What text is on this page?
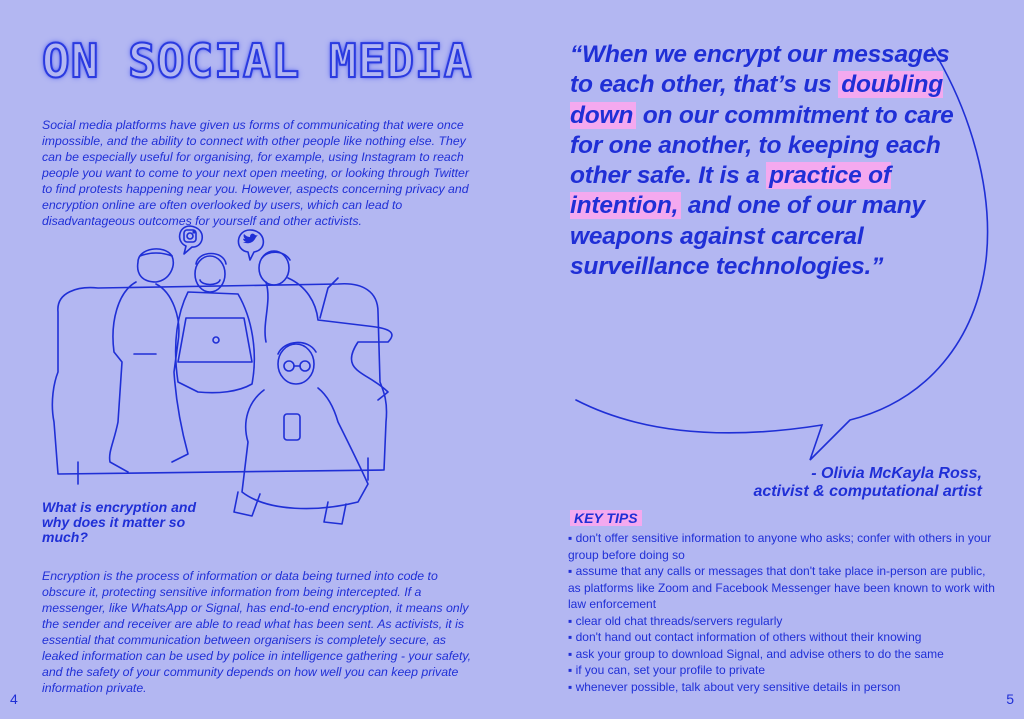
ON SOCIAL MEDIA

Social media platforms have given us forms of communicating that were once impossible, and the ability to connect with other people like nothing else. They can be especially useful for organising, for example, using Instagram to reach people you want to come to your next open meeting, or looking through Twitter to find protests happening near you. However, aspects concerning privacy and encryption online are often overlooked by users, which can lead to disadvantageous outcomes for yourself and other activists.

What is encryption and why does it matter so much?

Encryption is the process of information or data being turned into code to obscure it, protecting sensitive information from being intercepted. If a messenger, like WhatsApp or Signal, has end-to-end encryption, it means only the sender and receiver are able to read what has been sent. As activists, it is essential that communication between organisers is completely secure, as leaked information can be used by police in intelligence gathering - your safety, and the safety of your community depends on how well you can keep private information private.

4
“When we encrypt our messages to each other, that’s us doubling down on our commitment to care for one another, to keeping each other safe. It is a practice of intention, and one of our many weapons against carceral surveillance technologies.”
- Olivia McKayla Ross,
activist & computational artist
KEY TIPS
▪ don't offer sensitive information to anyone who asks; confer with others in your group before doing so
▪ assume that any calls or messages that don't take place in-person are public, as platforms like Zoom and Facebook Messenger have been known to work with law enforcement
▪ clear old chat threads/servers regularly
▪ don't hand out contact information of others without their knowing
▪ ask your group to download Signal, and advise others to do the same
▪ if you can, set your profile to private
▪ whenever possible, talk about very sensitive details in person
5
